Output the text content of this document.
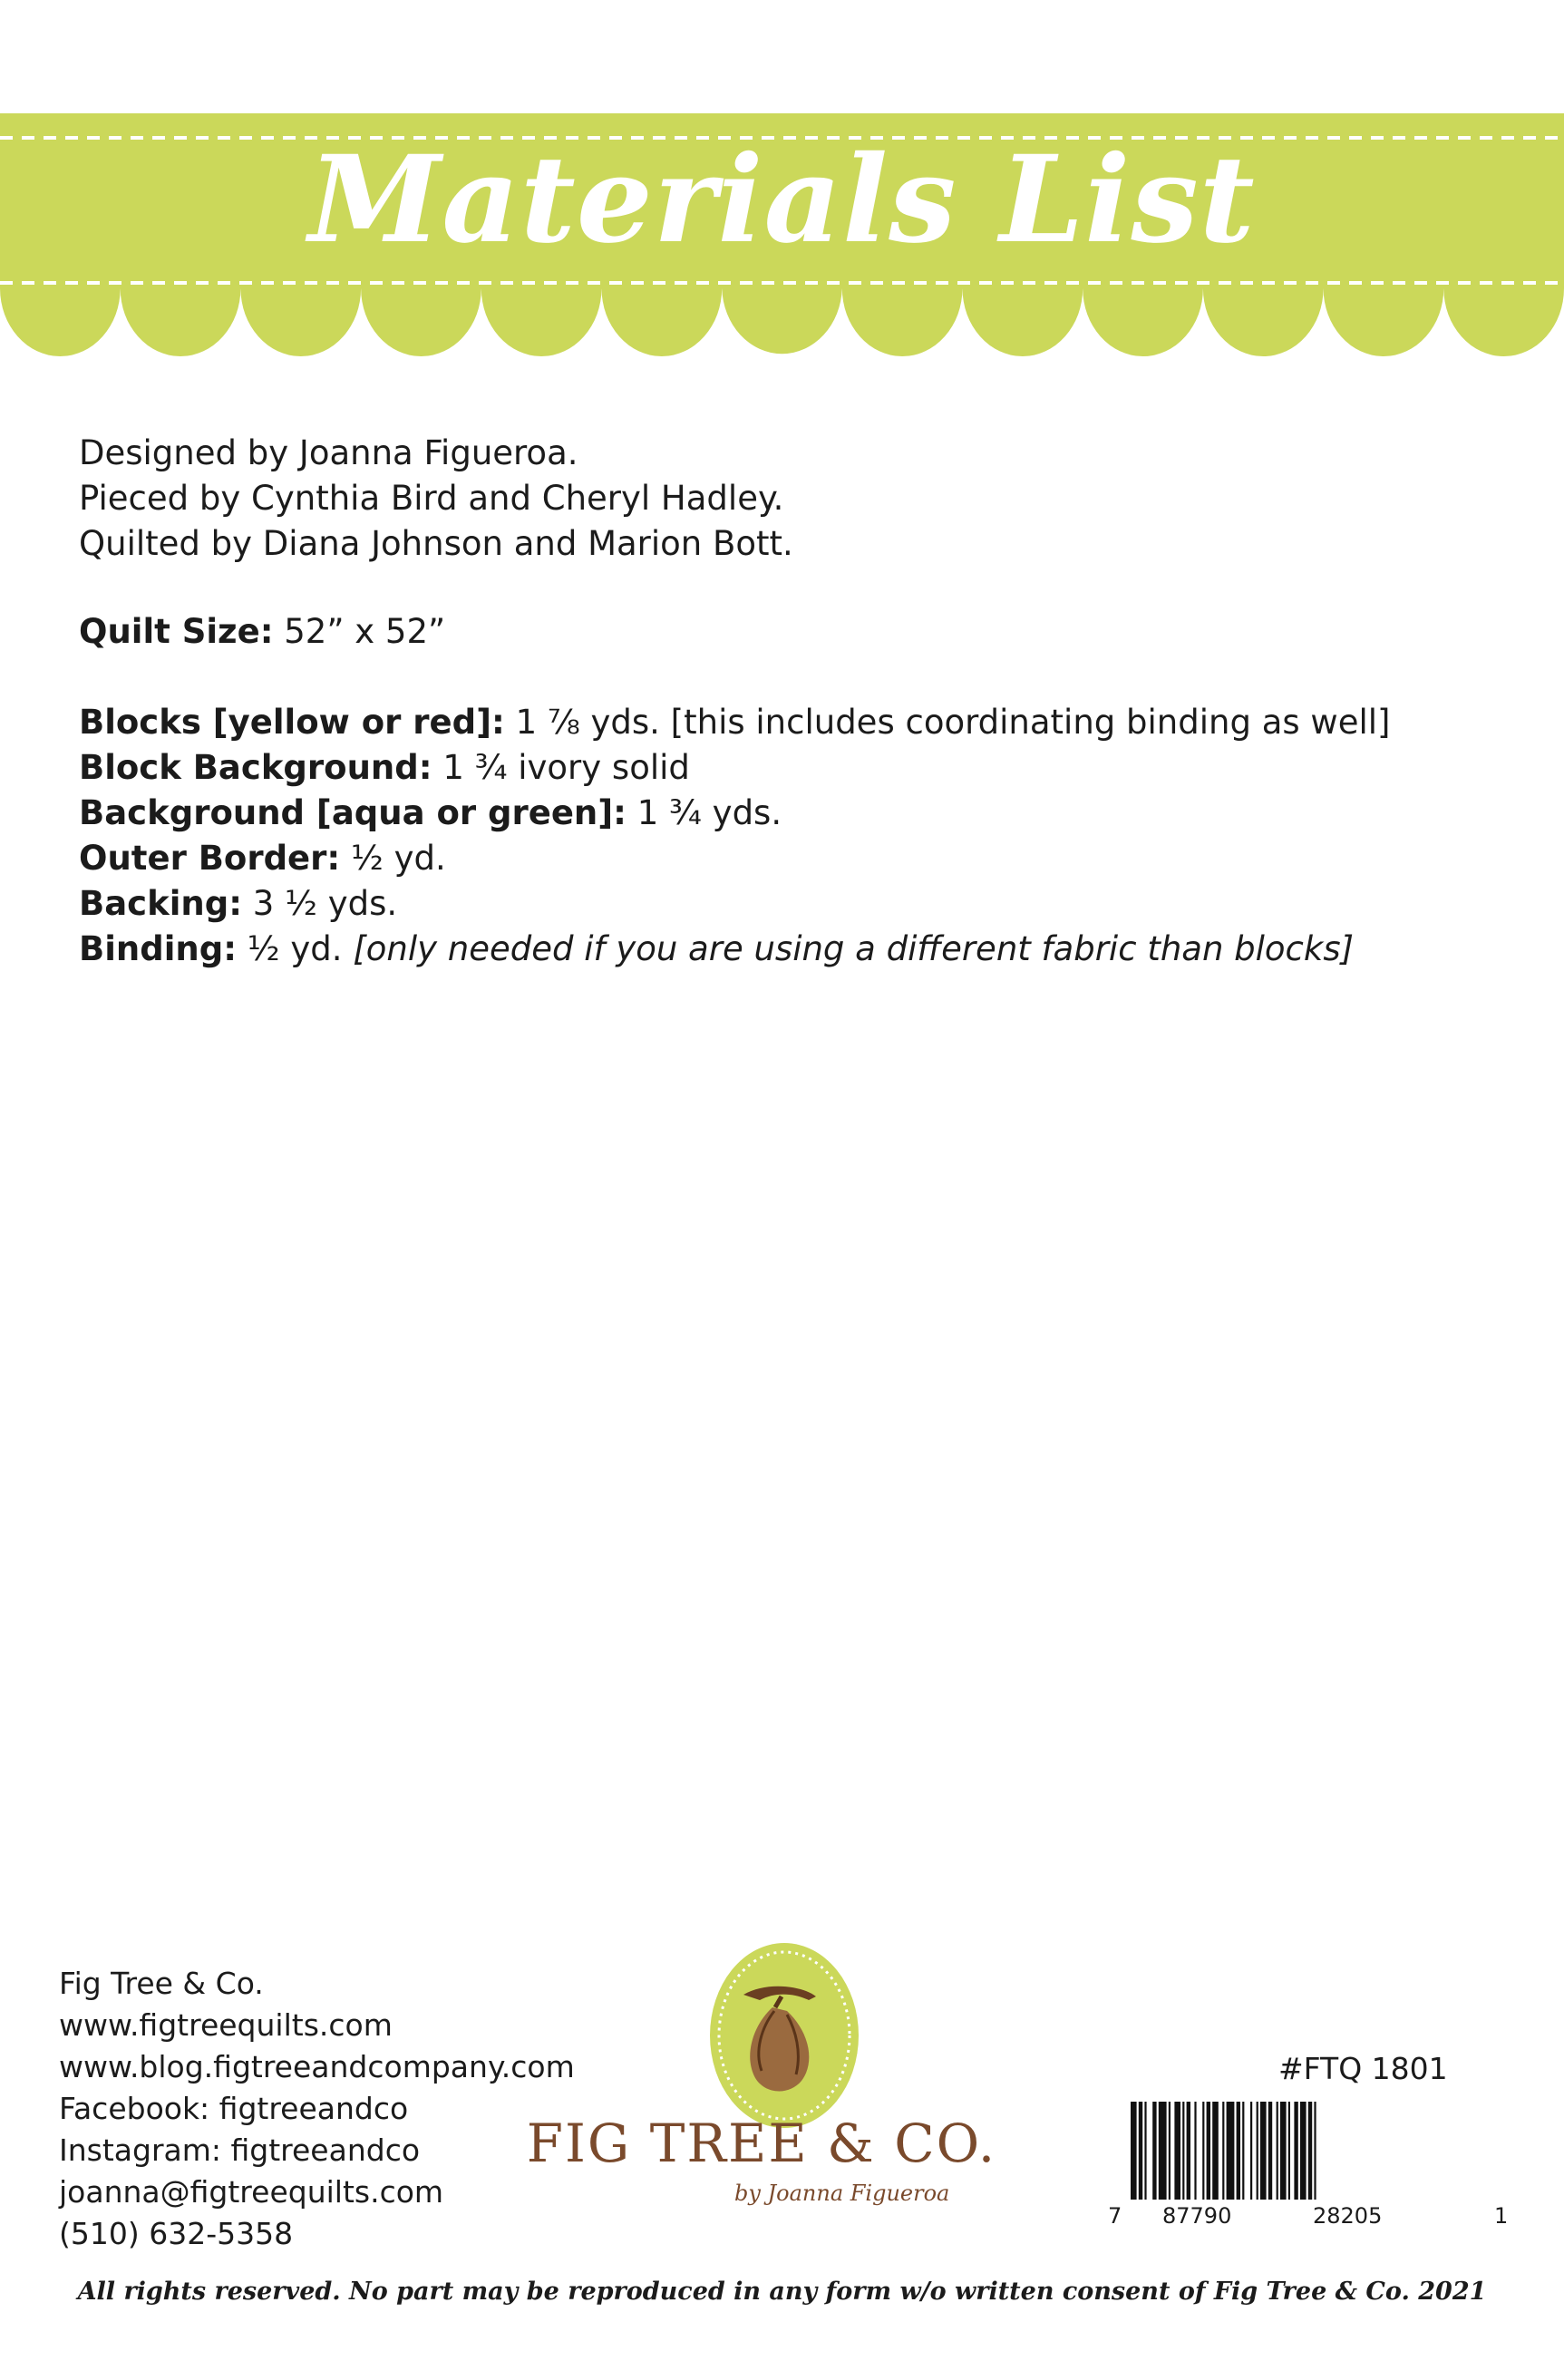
Materials List
Designed by Joanna Figueroa.
Pieced by Cynthia Bird and Cheryl Hadley.
Quilted by Diana Johnson and Marion Bott.
Quilt Size: 52” x 52”
Blocks [yellow or red]: 1 ⅞ yds. [this includes coordinating binding as well]
Block Background: 1 ¾ ivory solid
Background [aqua or green]: 1 ¾ yds.
Outer Border: ½ yd.
Backing: 3 ½ yds.
Binding: ½ yd. [only needed if you are using a different fabric than blocks]
Fig Tree & Co.
www.figtreequilts.com
www.blog.figtreeandcompany.com
Facebook: figtreeandco
Instagram: figtreeandco
joanna@figtreequilts.com
(510) 632-5358
FIG TREE & CO.
by Joanna Figueroa
#FTQ 1801
7 87790	28205	1
All rights reserved. No part may be reproduced in any form w/o written consent of Fig Tree & Co. 2021
